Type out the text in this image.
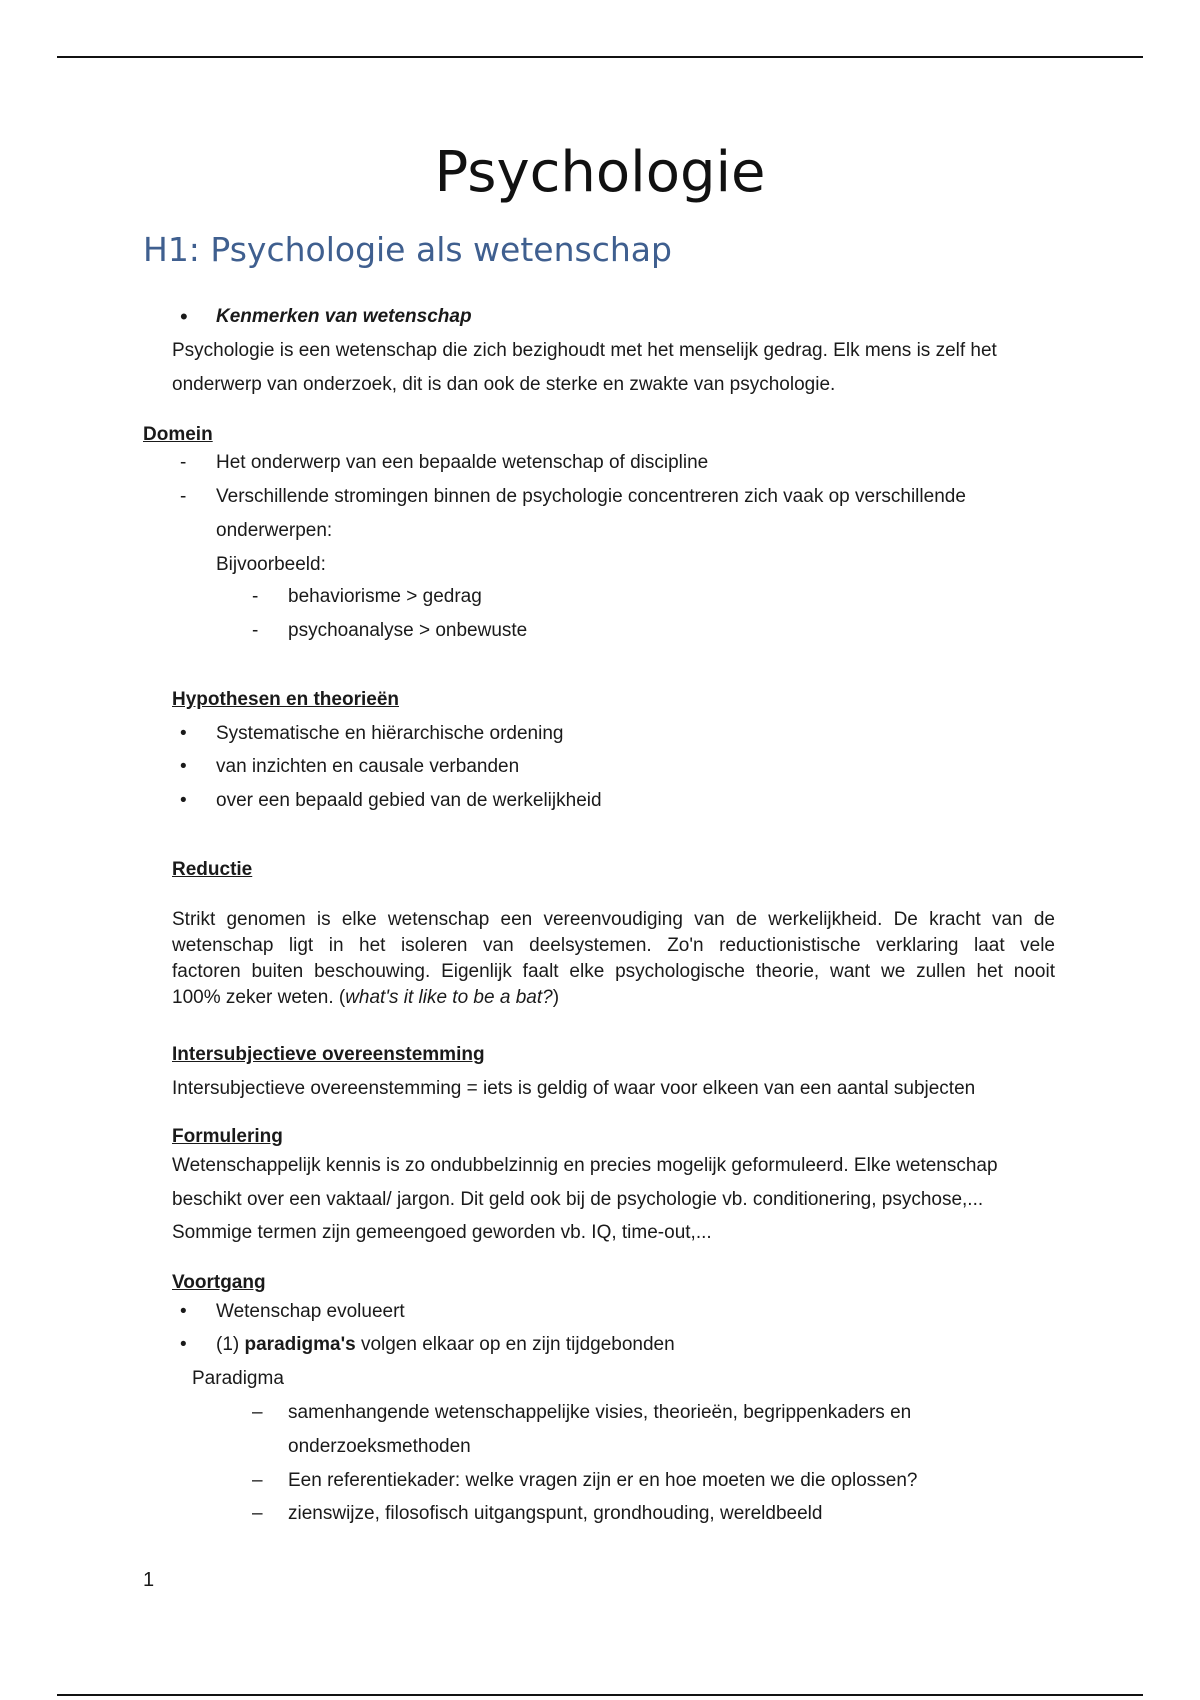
Psychologie
H1: Psychologie als wetenschap
• Kenmerken van wetenschap
Psychologie is een wetenschap die zich bezighoudt met het menselijk gedrag. Elk mens is zelf het
onderwerp van onderzoek, dit is dan ook de sterke en zwakte van psychologie.
Domein
- Het onderwerp van een bepaalde wetenschap of discipline
- Verschillende stromingen binnen de psychologie concentreren zich vaak op verschillende
onderwerpen:
Bijvoorbeeld:
- behaviorisme > gedrag
- psychoanalyse > onbewuste
Hypothesen en theorieën
• Systematische en hiërarchische ordening
• van inzichten en causale verbanden
• over een bepaald gebied van de werkelijkheid
Reductie
Strikt genomen is elke wetenschap een vereenvoudiging van de werkelijkheid. De kracht van de
wetenschap ligt in het isoleren van deelsystemen. Zo'n reductionistische verklaring laat vele
factoren buiten beschouwing. Eigenlijk faalt elke psychologische theorie, want we zullen het nooit
100% zeker weten. (what's it like to be a bat?)
Intersubjectieve overeenstemming
Intersubjectieve overeenstemming = iets is geldig of waar voor elkeen van een aantal subjecten
Formulering
Wetenschappelijk kennis is zo ondubbelzinnig en precies mogelijk geformuleerd. Elke wetenschap
beschikt over een vaktaal/ jargon. Dit geld ook bij de psychologie vb. conditionering, psychose,...
Sommige termen zijn gemeengoed geworden vb. IQ, time-out,...
Voortgang
• Wetenschap evolueert
• (1) paradigma's volgen elkaar op en zijn tijdgebonden
Paradigma
– samenhangende wetenschappelijke visies, theorieën, begrippenkaders en
onderzoeksmethoden
– Een referentiekader: welke vragen zijn er en hoe moeten we die oplossen?
– zienswijze, filosofisch uitgangspunt, grondhouding, wereldbeeld
1
